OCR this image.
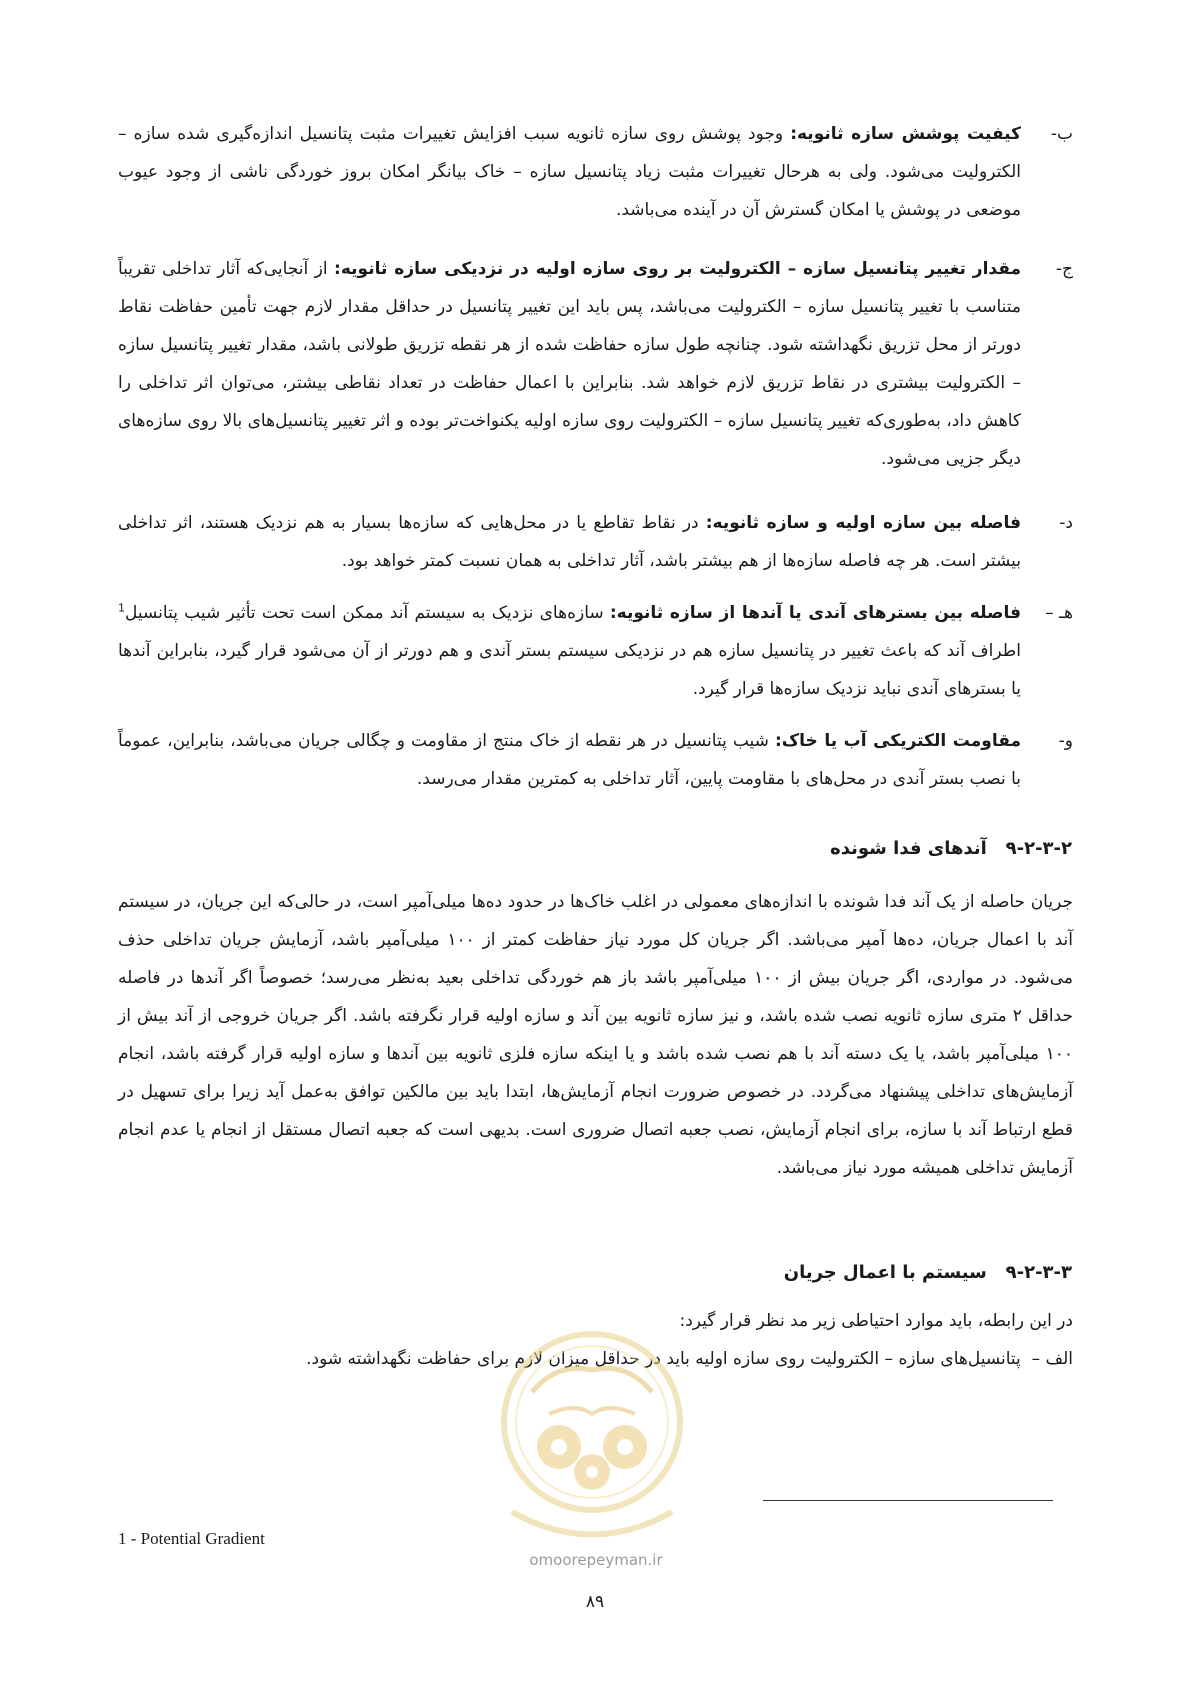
ب-
کیفیت پوشش سازه ثانویه: وجود پوشش روی سازه ثانویه سبب افزایش تغییرات مثبت پتانسیل اندازه‌گیری شده سازه – الکترولیت می‌شود. ولی به هرحال تغییرات مثبت زیاد پتانسیل سازه – خاک بیانگر امکان بروز خوردگی ناشی از وجود عیوب موضعی در پوشش یا امکان گسترش آن در آینده می‌باشد.
ج-
مقدار تغییر پتانسیل سازه – الکترولیت بر روی سازه اولیه در نزدیکی سازه ثانویه: از آنجایی‌که آثار تداخلی تقریباً متناسب با تغییر پتانسیل سازه – الکترولیت می‌باشد، پس باید این تغییر پتانسیل در حداقل مقدار لازم جهت تأمین حفاظت نقاط دورتر از محل تزریق نگهداشته شود. چنانچه طول سازه حفاظت شده از هر نقطه تزریق طولانی باشد، مقدار تغییر پتانسیل سازه – الکترولیت بیشتری در نقاط تزریق لازم خواهد شد. بنابراین با اعمال حفاظت در تعداد نقاطی بیشتر، می‌توان اثر تداخلی را کاهش داد، به‌طوری‌که تغییر پتانسیل سازه – الکترولیت روی سازه اولیه یکنواخت‌تر بوده و اثر تغییر پتانسیل‌های بالا روی سازه‌های دیگر جزیی می‌شود.
د-
فاصله بین سازه اولیه و سازه ثانویه: در نقاط تقاطع یا در محل‌هایی که سازه‌ها بسیار به هم نزدیک هستند، اثر تداخلی بیشتر است. هر چه فاصله سازه‌ها از هم بیشتر باشد، آثار تداخلی به همان نسبت کمتر خواهد بود.
هـ –
فاصله بین بسترهای آندی یا آندها از سازه ثانویه: سازه‌های نزدیک به سیستم آند ممکن است تحت تأثیر شیب پتانسیل$^1$ اطراف آند که باعث تغییر در پتانسیل سازه هم در نزدیکی سیستم بستر آندی و هم دورتر از آن می‌شود قرار گیرد، بنابراین آندها یا بسترهای آندی نباید نزدیک سازه‌ها قرار گیرد.
و-
مقاومت الکتریکی آب یا خاک: شیب پتانسیل در هر نقطه از خاک منتج از مقاومت و چگالی جریان می‌باشد، بنابراین، عموماً با نصب بستر آندی در محل‌های با مقاومت پایین، آثار تداخلی به کمترین مقدار می‌رسد.
۹-۲-۳-۲   آندهای فدا شونده
جریان حاصله از یک آند فدا شونده با اندازه‌های معمولی در اغلب خاک‌ها در حدود ده‌ها میلی‌آمپر است، در حالی‌که این جریان، در سیستم آند با اعمال جریان، ده‌ها آمپر می‌باشد. اگر جریان کل مورد نیاز حفاظت کمتر از ۱۰۰ میلی‌آمپر باشد، آزمایش جریان تداخلی حذف می‌شود. در مواردی، اگر جریان بیش از ۱۰۰ میلی‌آمپر باشد باز هم خوردگی تداخلی بعید به‌نظر می‌رسد؛ خصوصاً اگر آندها در فاصله حداقل ۲ متری سازه ثانویه نصب شده باشد، و نیز سازه ثانویه بین آند و سازه اولیه قرار نگرفته باشد. اگر جریان خروجی از آند بیش از ۱۰۰ میلی‌آمپر باشد، یا یک دسته آند با هم نصب شده باشد و یا اینکه سازه فلزی ثانویه بین آندها و سازه اولیه قرار گرفته باشد، انجام آزمایش‌های تداخلی پیشنهاد می‌گردد. در خصوص ضرورت انجام آزمایش‌ها، ابتدا باید بین مالکین توافق به‌عمل آید زیرا برای تسهیل در قطع ارتباط آند با سازه، برای انجام آزمایش، نصب جعبه اتصال ضروری است. بدیهی است که جعبه اتصال مستقل از انجام یا عدم انجام آزمایش تداخلی همیشه مورد نیاز می‌باشد.
۹-۲-۳-۳   سیستم با اعمال جریان
در این رابطه، باید موارد احتیاطی زیر مد نظر قرار گیرد:
الف –  پتانسیل‌های سازه – الکترولیت روی سازه اولیه باید در حداقل میزان لازم برای حفاظت نگهداشته شود.
omoorepeyman.ir
1 - Potential Gradient
۸۹
